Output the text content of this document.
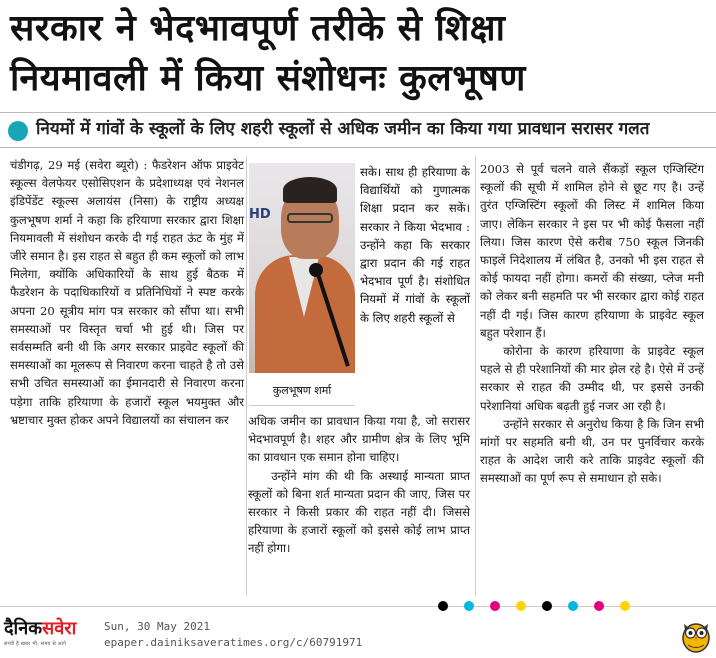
सरकार ने भेदभावपूर्ण तरीके से शिक्षा
नियमावली में किया संशोधनः कुलभूषण
नियमों में गांवों के स्कूलों के लिए शहरी स्कूलों से अधिक जमीन का किया गया प्रावधान सरासर गलत

चंडीगढ़, 29 मई (सवेरा ब्यूरो) : फैडरेशन ऑफ प्राइवेट स्कूल्स वेलफेयर एसोसिएशन के प्रदेशाध्यक्ष एवं नेशनल इंडिपेंडेंट स्कूल्स अलायंस (निसा) के राष्ट्रीय अध्यक्ष कुलभूषण शर्मा ने कहा कि हरियाणा सरकार द्वारा शिक्षा नियमावली में संशोधन करके दी गई राहत ऊंट के मुंह में जीरे समान है। इस राहत से बहुत ही कम स्कूलों को लाभ मिलेगा, क्योंकि अधिकारियों के साथ हुई बैठक में फैडरेशन के पदाधिकारियों व प्रतिनिधियों ने स्पष्ट करके अपना 20 सूत्रीय मांग पत्र सरकार को सौंपा था। सभी समस्याओं पर विस्तृत चर्चा भी हुई थी। जिस पर सर्वसम्मति बनी थी कि अगर सरकार प्राइवेट स्कूलों की समस्याओं का मूलरूप से निवारण करना चाहते है तो उसे सभी उचित समस्याओं का ईमानदारी से निवारण करना पड़ेगा ताकि हरियाणा के हजारों स्कूल भयमुक्त और भ्रष्टाचार मुक्त होकर अपने विद्यालयों का संचालन कर

HD
कुलभूषण शर्मा

सके। साथ ही हरियाणा के विद्यार्थियों को गुणात्मक शिक्षा प्रदान कर सकें। सरकार ने किया भेदभाव : उन्होंने कहा कि सरकार द्वारा प्रदान की गई राहत भेदभाव पूर्ण है। संशोधित नियमों में गांवों के स्कूलों के लिए शहरी स्कूलों से

अधिक जमीन का प्रावधान किया गया है, जो सरासर भेदभावपूर्ण है। शहर और ग्रामीण क्षेत्र के लिए भूमि का प्रावधान एक समान होना चाहिए।

उन्होंने मांग की थी कि अस्थाई मान्यता प्राप्त स्कूलों को बिना शर्त मान्यता प्रदान की जाए, जिस पर सरकार ने किसी प्रकार की राहत नहीं दी। जिससे हरियाणा के हजारों स्कूलों को इससे कोई लाभ प्राप्त नहीं होगा।

2003 से पूर्व चलने वाले सैंकड़ों स्कूल एग्जिस्टिंग स्कूलों की सूची में शामिल होने से छूट गए है। उन्हें तुरंत एग्जिस्टिंग स्कूलों की लिस्ट में शामिल किया जाए। लेकिन सरकार ने इस पर भी कोई फैसला नहीं लिया। जिस कारण ऐसे करीब 750 स्कूल जिनकी फाइलें निदेशालय में लंबित है, उनको भी इस राहत से कोई फायदा नहीं होगा। कमरों की संख्या, प्लेज मनी को लेकर बनी सहमति पर भी सरकार द्वारा कोई राहत नहीं दी गई। जिस कारण हरियाणा के प्राइवेट स्कूल बहुत परेशान हैं।

कोरोना के कारण हरियाणा के प्राइवेट स्कूल पहले से ही परेशानियों की मार झेल रहे है। ऐसे में उन्हें सरकार से राहत की उम्मीद थी, पर इससे उनकी परेशानियां अधिक बढ़ती हुई नजर आ रही है।

उन्होंने सरकार से अनुरोध किया है कि जिन सभी मांगों पर सहमति बनी थी, उन पर पुनर्विचार करके राहत के आदेश जारी करे ताकि प्राइवेट स्कूलों की समस्याओं का पूर्ण रूप से समाधान हो सके।

दैनिकसवेरा
सच्ची है खबर भी, समय से आगे
Sun, 30 May 2021
epaper.dainiksaveratimes.org/c/60791971
